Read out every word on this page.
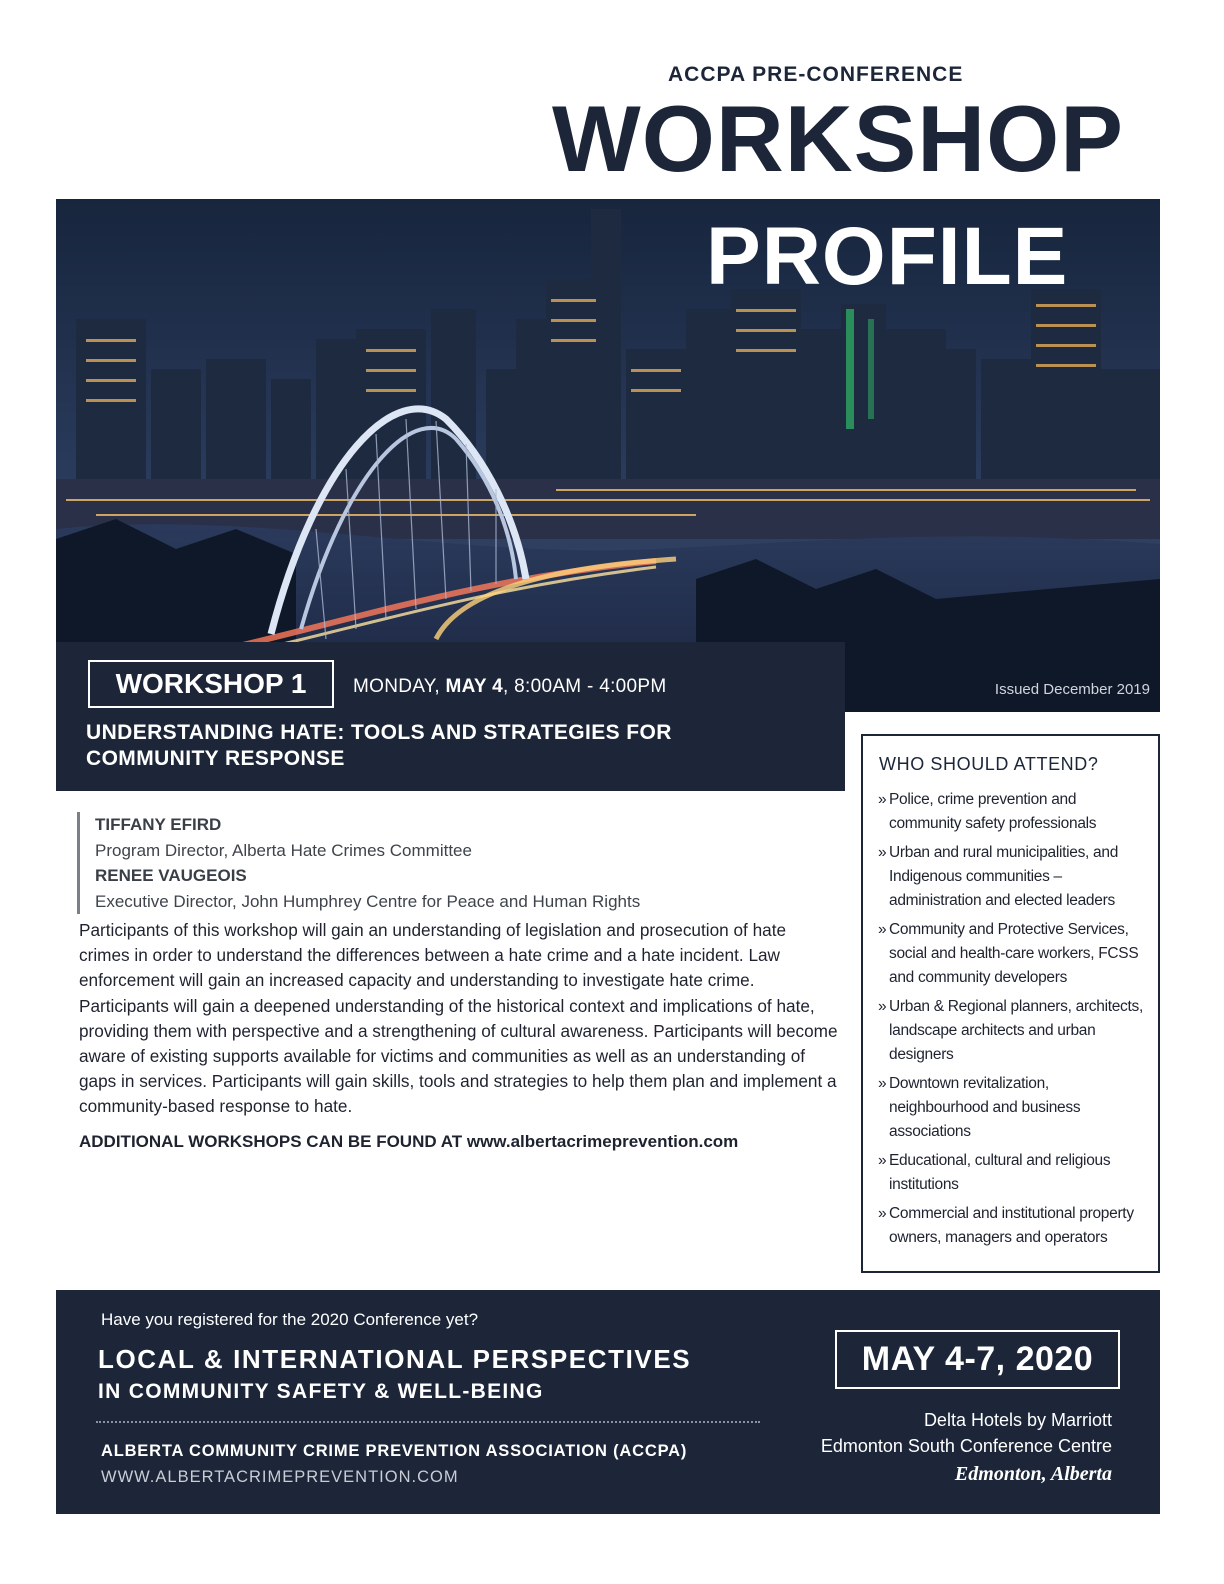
ACCPA PRE-CONFERENCE
WORKSHOP
PROFILE
Issued December 2019
WORKSHOP 1	MONDAY, MAY 4, 8:00AM - 4:00PM
UNDERSTANDING HATE: TOOLS AND STRATEGIES FOR COMMUNITY RESPONSE
TIFFANY EFIRD
Program Director, Alberta Hate Crimes Committee
RENEE VAUGEOIS
Executive Director, John Humphrey Centre for Peace and Human Rights
Participants of this workshop will gain an understanding of legislation and prosecution of hate crimes in order to understand the differences between a hate crime and a hate incident. Law enforcement will gain an increased capacity and understanding to investigate hate crime. Participants will gain a deepened understanding of the historical context and implications of hate, providing them with perspective and a strengthening of cultural awareness. Participants will become aware of existing supports available for victims and communities as well as an understanding of gaps in services. Participants will gain skills, tools and strategies to help them plan and implement a community-based response to hate.
ADDITIONAL WORKSHOPS CAN BE FOUND AT www.albertacrimeprevention.com
WHO SHOULD ATTEND?
» Police, crime prevention and community safety professionals
» Urban and rural municipalities, and Indigenous communities – administration and elected leaders
» Community and Protective Services, social and health-care workers, FCSS and community developers
» Urban & Regional planners, architects, landscape architects and urban designers
» Downtown revitalization, neighbourhood and business associations
» Educational, cultural and religious institutions
» Commercial and institutional property owners, managers and operators
Have you registered for the 2020 Conference yet?
LOCAL & INTERNATIONAL PERSPECTIVES
IN COMMUNITY SAFETY & WELL-BEING
ALBERTA COMMUNITY CRIME PREVENTION ASSOCIATION (ACCPA)
WWW.ALBERTACRIMEPREVENTION.COM
MAY 4-7, 2020
Delta Hotels by Marriott
Edmonton South Conference Centre
Edmonton, Alberta
